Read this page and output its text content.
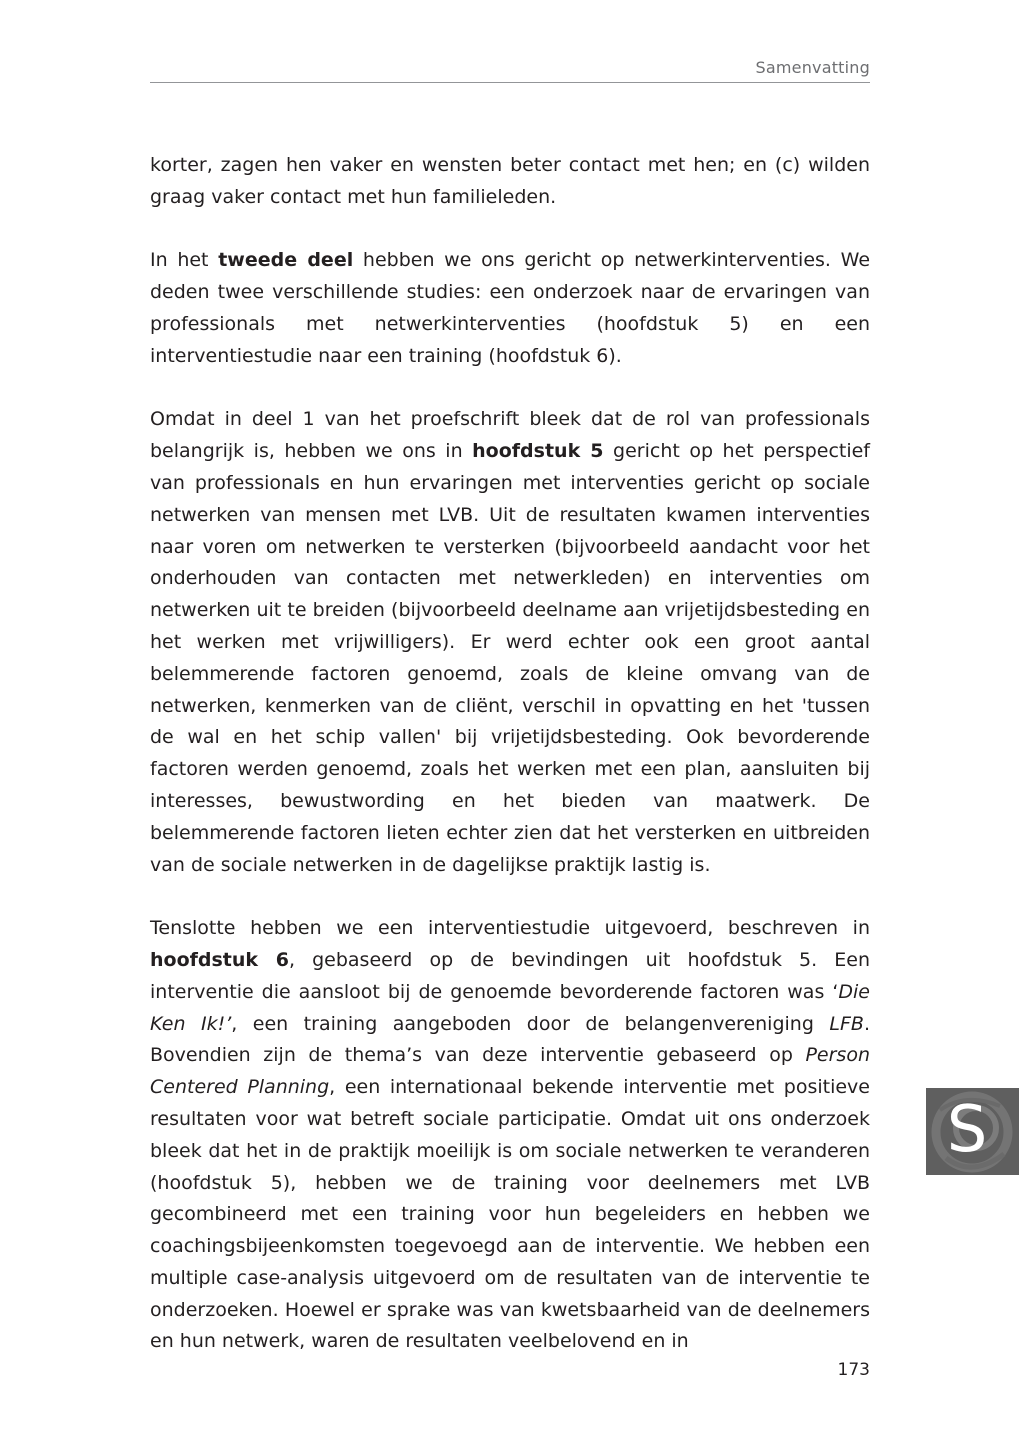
Samenvatting

korter, zagen hen vaker en wensten beter contact met hen; en (c) wilden graag vaker contact met hun familieleden.

In het tweede deel hebben we ons gericht op netwerkinterventies. We deden twee verschillende studies: een onderzoek naar de ervaringen van professionals met netwerkinterventies (hoofdstuk 5) en een interventiestudie naar een training (hoofdstuk 6).

Omdat in deel 1 van het proefschrift bleek dat de rol van professionals belangrijk is, hebben we ons in hoofdstuk 5 gericht op het perspectief van professionals en hun ervaringen met interventies gericht op sociale netwerken van mensen met LVB. Uit de resultaten kwamen interventies naar voren om netwerken te versterken (bijvoorbeeld aandacht voor het onderhouden van contacten met netwerkleden) en interventies om netwerken uit te breiden (bijvoorbeeld deelname aan vrijetijdsbesteding en het werken met vrijwilligers). Er werd echter ook een groot aantal belemmerende factoren genoemd, zoals de kleine omvang van de netwerken, kenmerken van de cliënt, verschil in opvatting en het 'tussen de wal en het schip vallen' bij vrijetijdsbesteding. Ook bevorderende factoren werden genoemd, zoals het werken met een plan, aansluiten bij interesses, bewustwording en het bieden van maatwerk. De belemmerende factoren lieten echter zien dat het versterken en uitbreiden van de sociale netwerken in de dagelijkse praktijk lastig is.

Tenslotte hebben we een interventiestudie uitgevoerd, beschreven in hoofdstuk 6, gebaseerd op de bevindingen uit hoofdstuk 5. Een interventie die aansloot bij de genoemde bevorderende factoren was ‘Die Ken Ik!’, een training aangeboden door de belangenvereniging LFB. Bovendien zijn de thema’s van deze interventie gebaseerd op Person Centered Planning, een internationaal bekende interventie met positieve resultaten voor wat betreft sociale participatie. Omdat uit ons onderzoek bleek dat het in de praktijk moeilijk is om sociale netwerken te veranderen (hoofdstuk 5), hebben we de training voor deelnemers met LVB gecombineerd met een training voor hun begeleiders en hebben we coachingsbijeenkomsten toegevoegd aan de interventie. We hebben een multiple case-analysis uitgevoerd om de resultaten van de interventie te onderzoeken. Hoewel er sprake was van kwetsbaarheid van de deelnemers en hun netwerk, waren de resultaten veelbelovend en in

S
173
